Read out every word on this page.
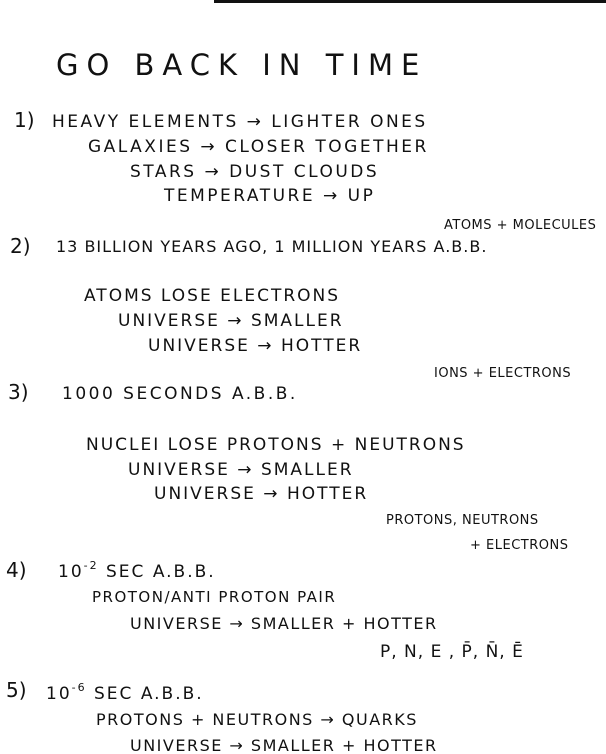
GO BACK IN TIME
1) HEAVY ELEMENTS → LIGHTER ONES
GALAXIES → CLOSER TOGETHER
STARS → DUST CLOUDS
TEMPERATURE → UP
ATOMS + MOLECULES
2) 13 BILLION YEARS AGO, 1 MILLION YEARS A.B.B.
ATOMS LOSE ELECTRONS
UNIVERSE → SMALLER
UNIVERSE → HOTTER
IONS + ELECTRONS
3) 1000 SECONDS A.B.B.
NUCLEI LOSE PROTONS + NEUTRONS
UNIVERSE → SMALLER
UNIVERSE → HOTTER
PROTONS, NEUTRONS
+ ELECTRONS
4) $10^{-2}$ SEC A.B.B.
PROTON/ANTI PROTON PAIR
UNIVERSE → SMALLER + HOTTER
P, N, E , P̄, N̄, Ē
5) $10^{-6}$ SEC A.B.B.
PROTONS + NEUTRONS → QUARKS
UNIVERSE → SMALLER + HOTTER
